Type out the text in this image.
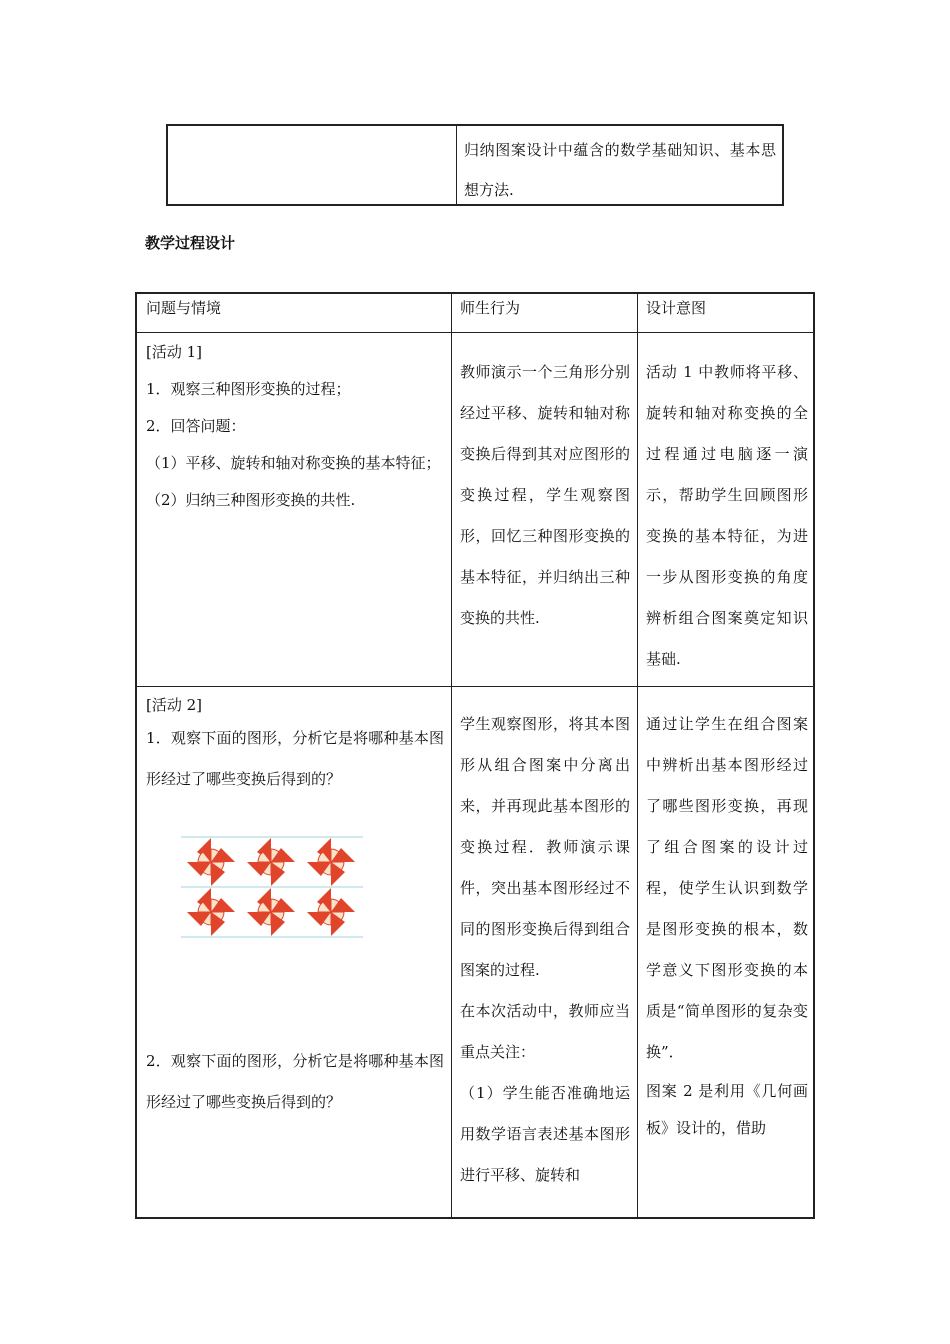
归纳图案设计中蕴含的数学基础知识、基本思想方法.
教学过程设计
问题与情境	师生行为	设计意图

[活动 1]

1．观察三种图形变换的过程；

2．回答问题：

（1）平移、旋转和轴对称变换的基本特征；

（2）归纳三种图形变换的共性.

教师演示一个三角形分别经过平移、旋转和轴对称变换后得到其对应图形的变换过程，学生观察图形，回忆三种图形变换的基本特征，并归纳出三种变换的共性.
活动 1 中教师将平移、旋转和轴对称变换的全过程通过电脑逐一演示，帮助学生回顾图形变换的基本特征，为进一步从图形变换的角度辨析组合图案奠定知识基础.
[活动 2]
1．观察下面的图形，分析它是将哪种基本图形经过了哪些变换后得到的？
2．观察下面的图形，分析它是将哪种基本图形经过了哪些变换后得到的？

学生观察图形，将其本图形从组合图案中分离出来，并再现此基本图形的变换过程．教师演示课件，突出基本图形经过不同的图形变换后得到组合图案的过程.

在本次活动中，教师应当重点关注：

（1）学生能否准确地运用数学语言表述基本图形进行平移、旋转和

通过让学生在组合图案中辨析出基本图形经过了哪些图形变换，再现了组合图案的设计过程，使学生认识到数学是图形变换的根本，数学意义下图形变换的本质是“简单图形的复杂变换”．

图案 2 是利用《几何画板》设计的，借助
